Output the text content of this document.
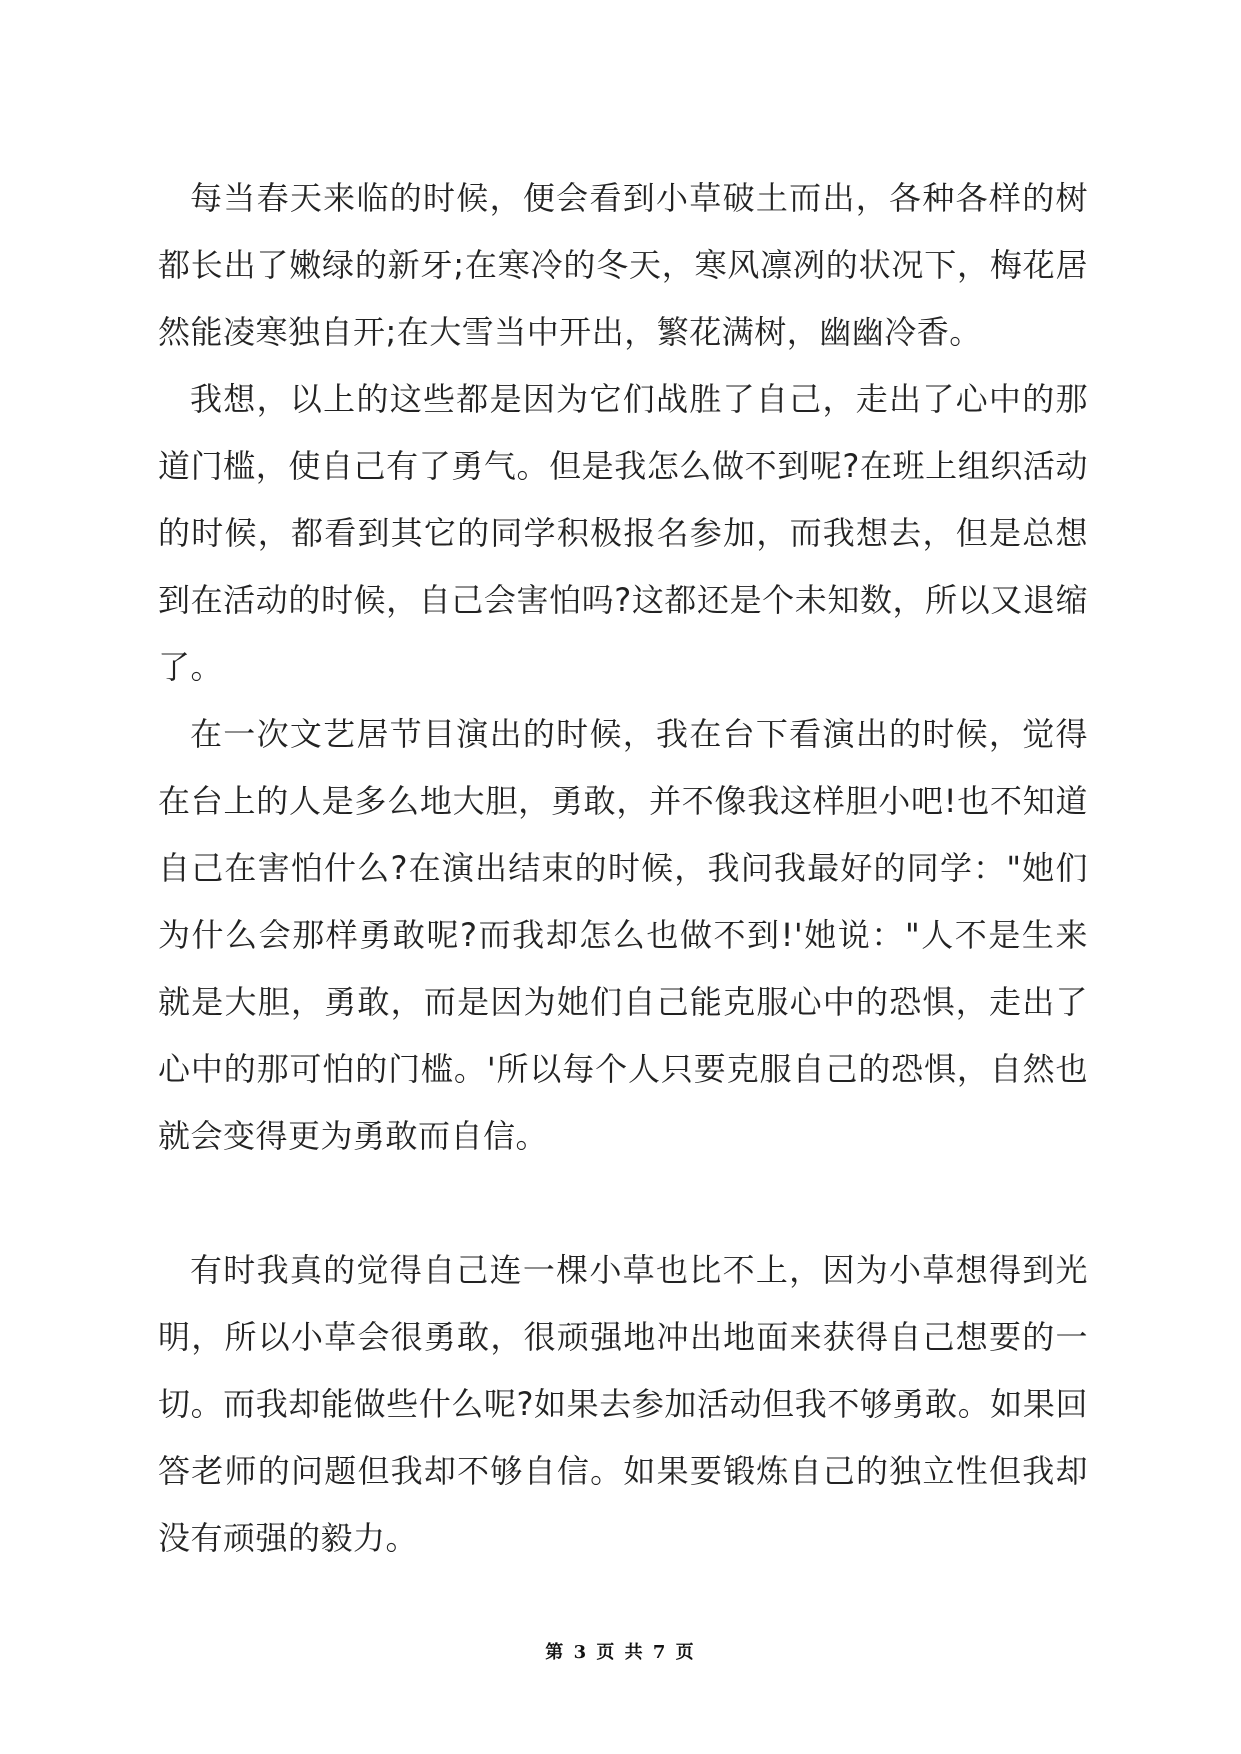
每当春天来临的时候，便会看到小草破土而出，各种各样的树都长出了嫩绿的新牙;在寒冷的冬天，寒风凛冽的状况下，梅花居然能凌寒独自开;在大雪当中开出，繁花满树，幽幽冷香。

我想，以上的这些都是因为它们战胜了自己，走出了心中的那道门槛，使自己有了勇气。但是我怎么做不到呢?在班上组织活动的时候，都看到其它的同学积极报名参加，而我想去，但是总想到在活动的时候，自己会害怕吗?这都还是个未知数，所以又退缩了。

在一次文艺居节目演出的时候，我在台下看演出的时候，觉得在台上的人是多么地大胆，勇敢，并不像我这样胆小吧!也不知道自己在害怕什么?在演出结束的时候，我问我最好的同学："她们为什么会那样勇敢呢?而我却怎么也做不到!'她说："人不是生来就是大胆，勇敢，而是因为她们自己能克服心中的恐惧，走出了心中的那可怕的门槛。'所以每个人只要克服自己的恐惧，自然也就会变得更为勇敢而自信。

有时我真的觉得自己连一棵小草也比不上，因为小草想得到光明，所以小草会很勇敢，很顽强地冲出地面来获得自己想要的一切。而我却能做些什么呢?如果去参加活动但我不够勇敢。如果回答老师的问题但我却不够自信。如果要锻炼自己的独立性但我却没有顽强的毅力。

第 3 页 共 7 页
